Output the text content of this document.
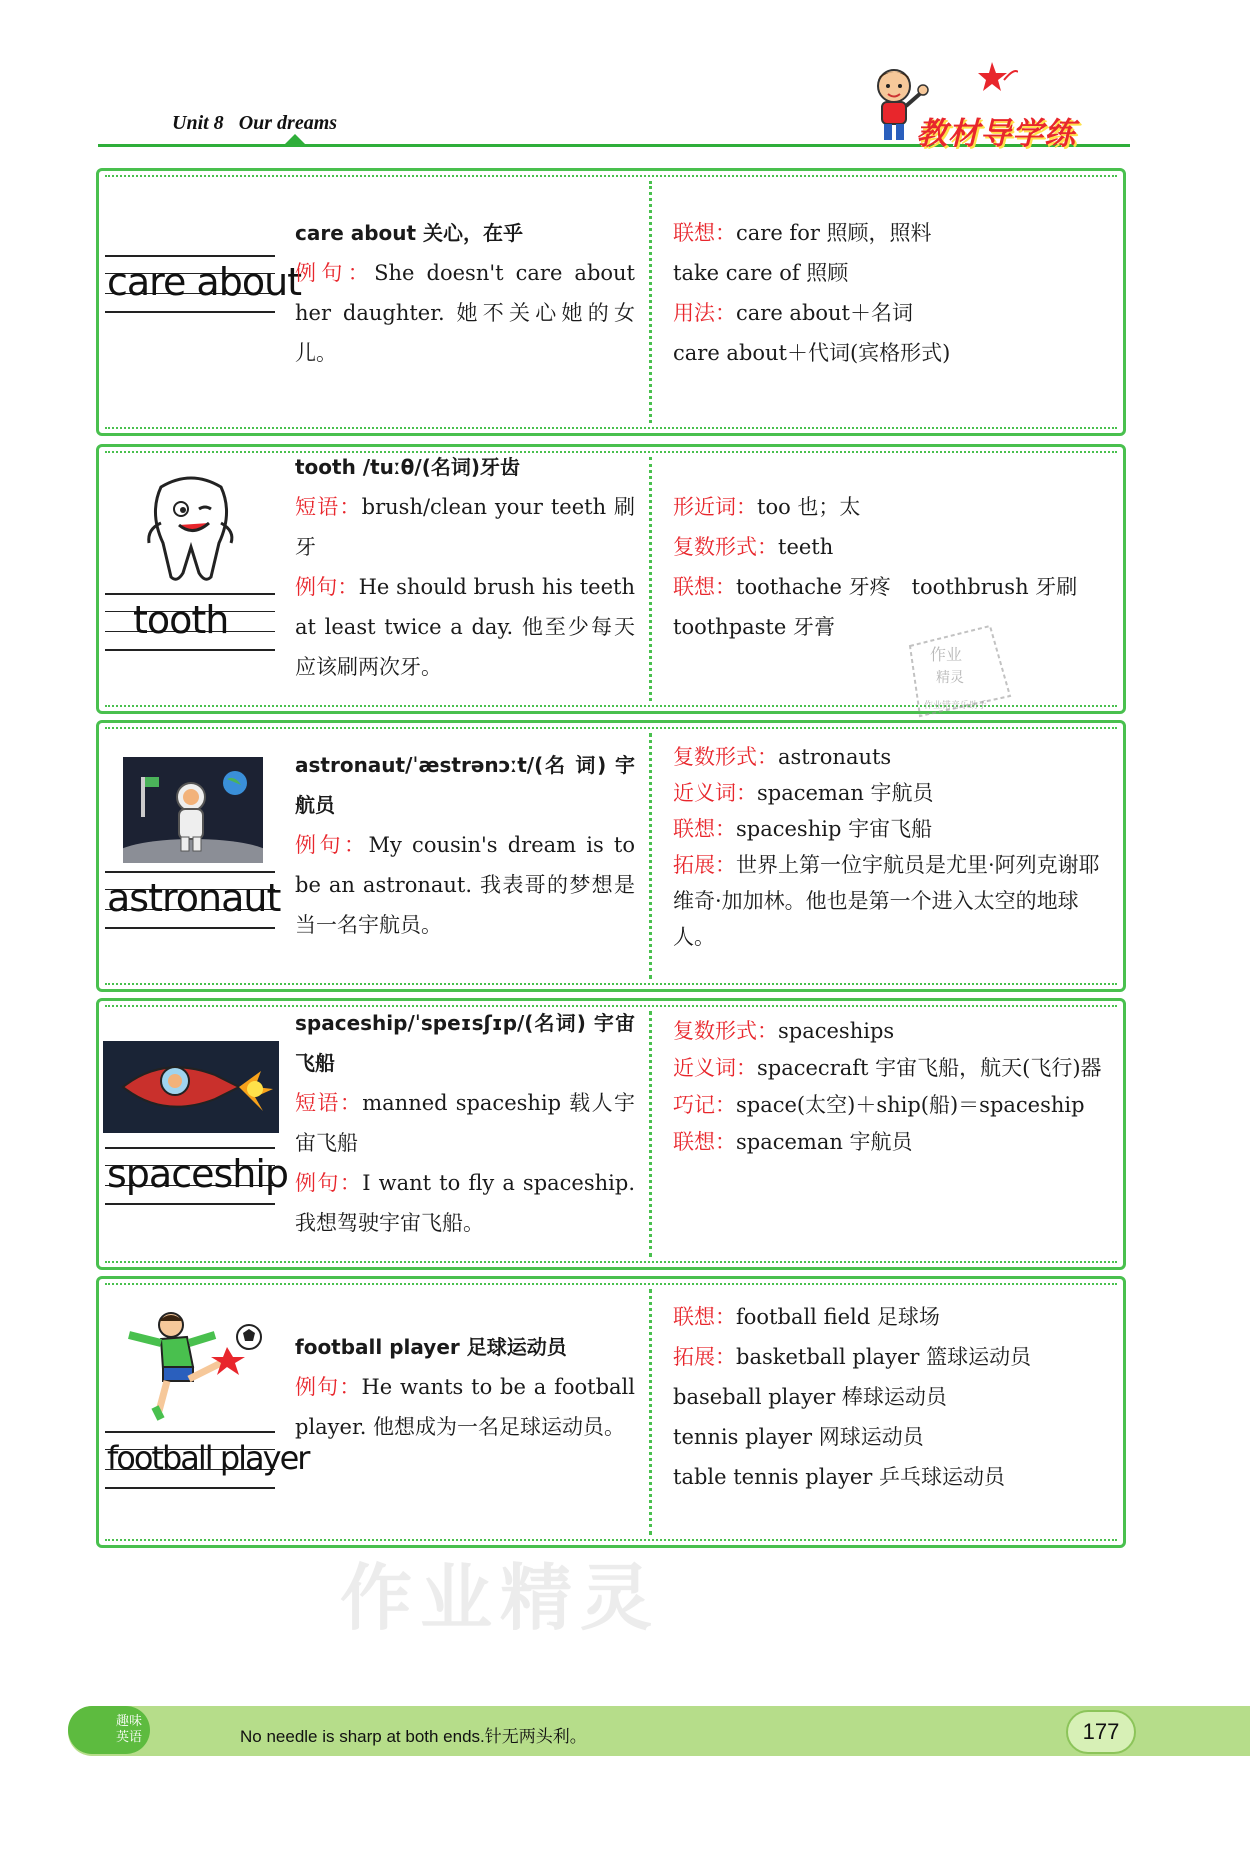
Unit 8 Our dreams	教材导学练
care about
care about 关心，在乎
例句：She doesn't care about her daughter. 她不关心她的女儿。
联想：care for 照顾，照料
take care of 照顾
用法：care about＋名词
care about＋代词(宾格形式)
tooth
tooth /tuːθ/(名词)牙齿
短语：brush/clean your teeth 刷牙
例句：He should brush his teeth at least twice a day. 他至少每天应该刷两次牙。
形近词：too 也；太
复数形式：teeth
联想：toothache 牙疼　toothbrush 牙刷
toothpaste 牙膏
astronaut
astronaut/ˈæstrənɔːt/(名 词) 宇航员
例句：My cousin's dream is to be an astronaut. 我表哥的梦想是当一名宇航员。
复数形式：astronauts
近义词：spaceman 宇航员
联想：spaceship 宇宙飞船
拓展：世界上第一位宇航员是尤里·阿列克谢耶维奇·加加林。他也是第一个进入太空的地球人。
spaceship
spaceship/ˈspeɪsʃɪp/(名词) 宇宙飞船
短语：manned spaceship 载人宇宙飞船
例句：I want to fly a spaceship. 我想驾驶宇宙飞船。
复数形式：spaceships
近义词：spacecraft 宇宙飞船，航天(飞行)器
巧记：space(太空)＋ship(船)＝spaceship
联想：spaceman 宇航员
football player
football player 足球运动员
例句：He wants to be a football player. 他想成为一名足球运动员。
联想：football field 足球场
拓展：basketball player 篮球运动员
baseball player 棒球运动员
tennis player 网球运动员
table tennis player 乒乓球运动员
作业
精灵
作业错音乐助手
作业精灵
趣味
英语	No needle is sharp at both ends.针无两头利。	177
